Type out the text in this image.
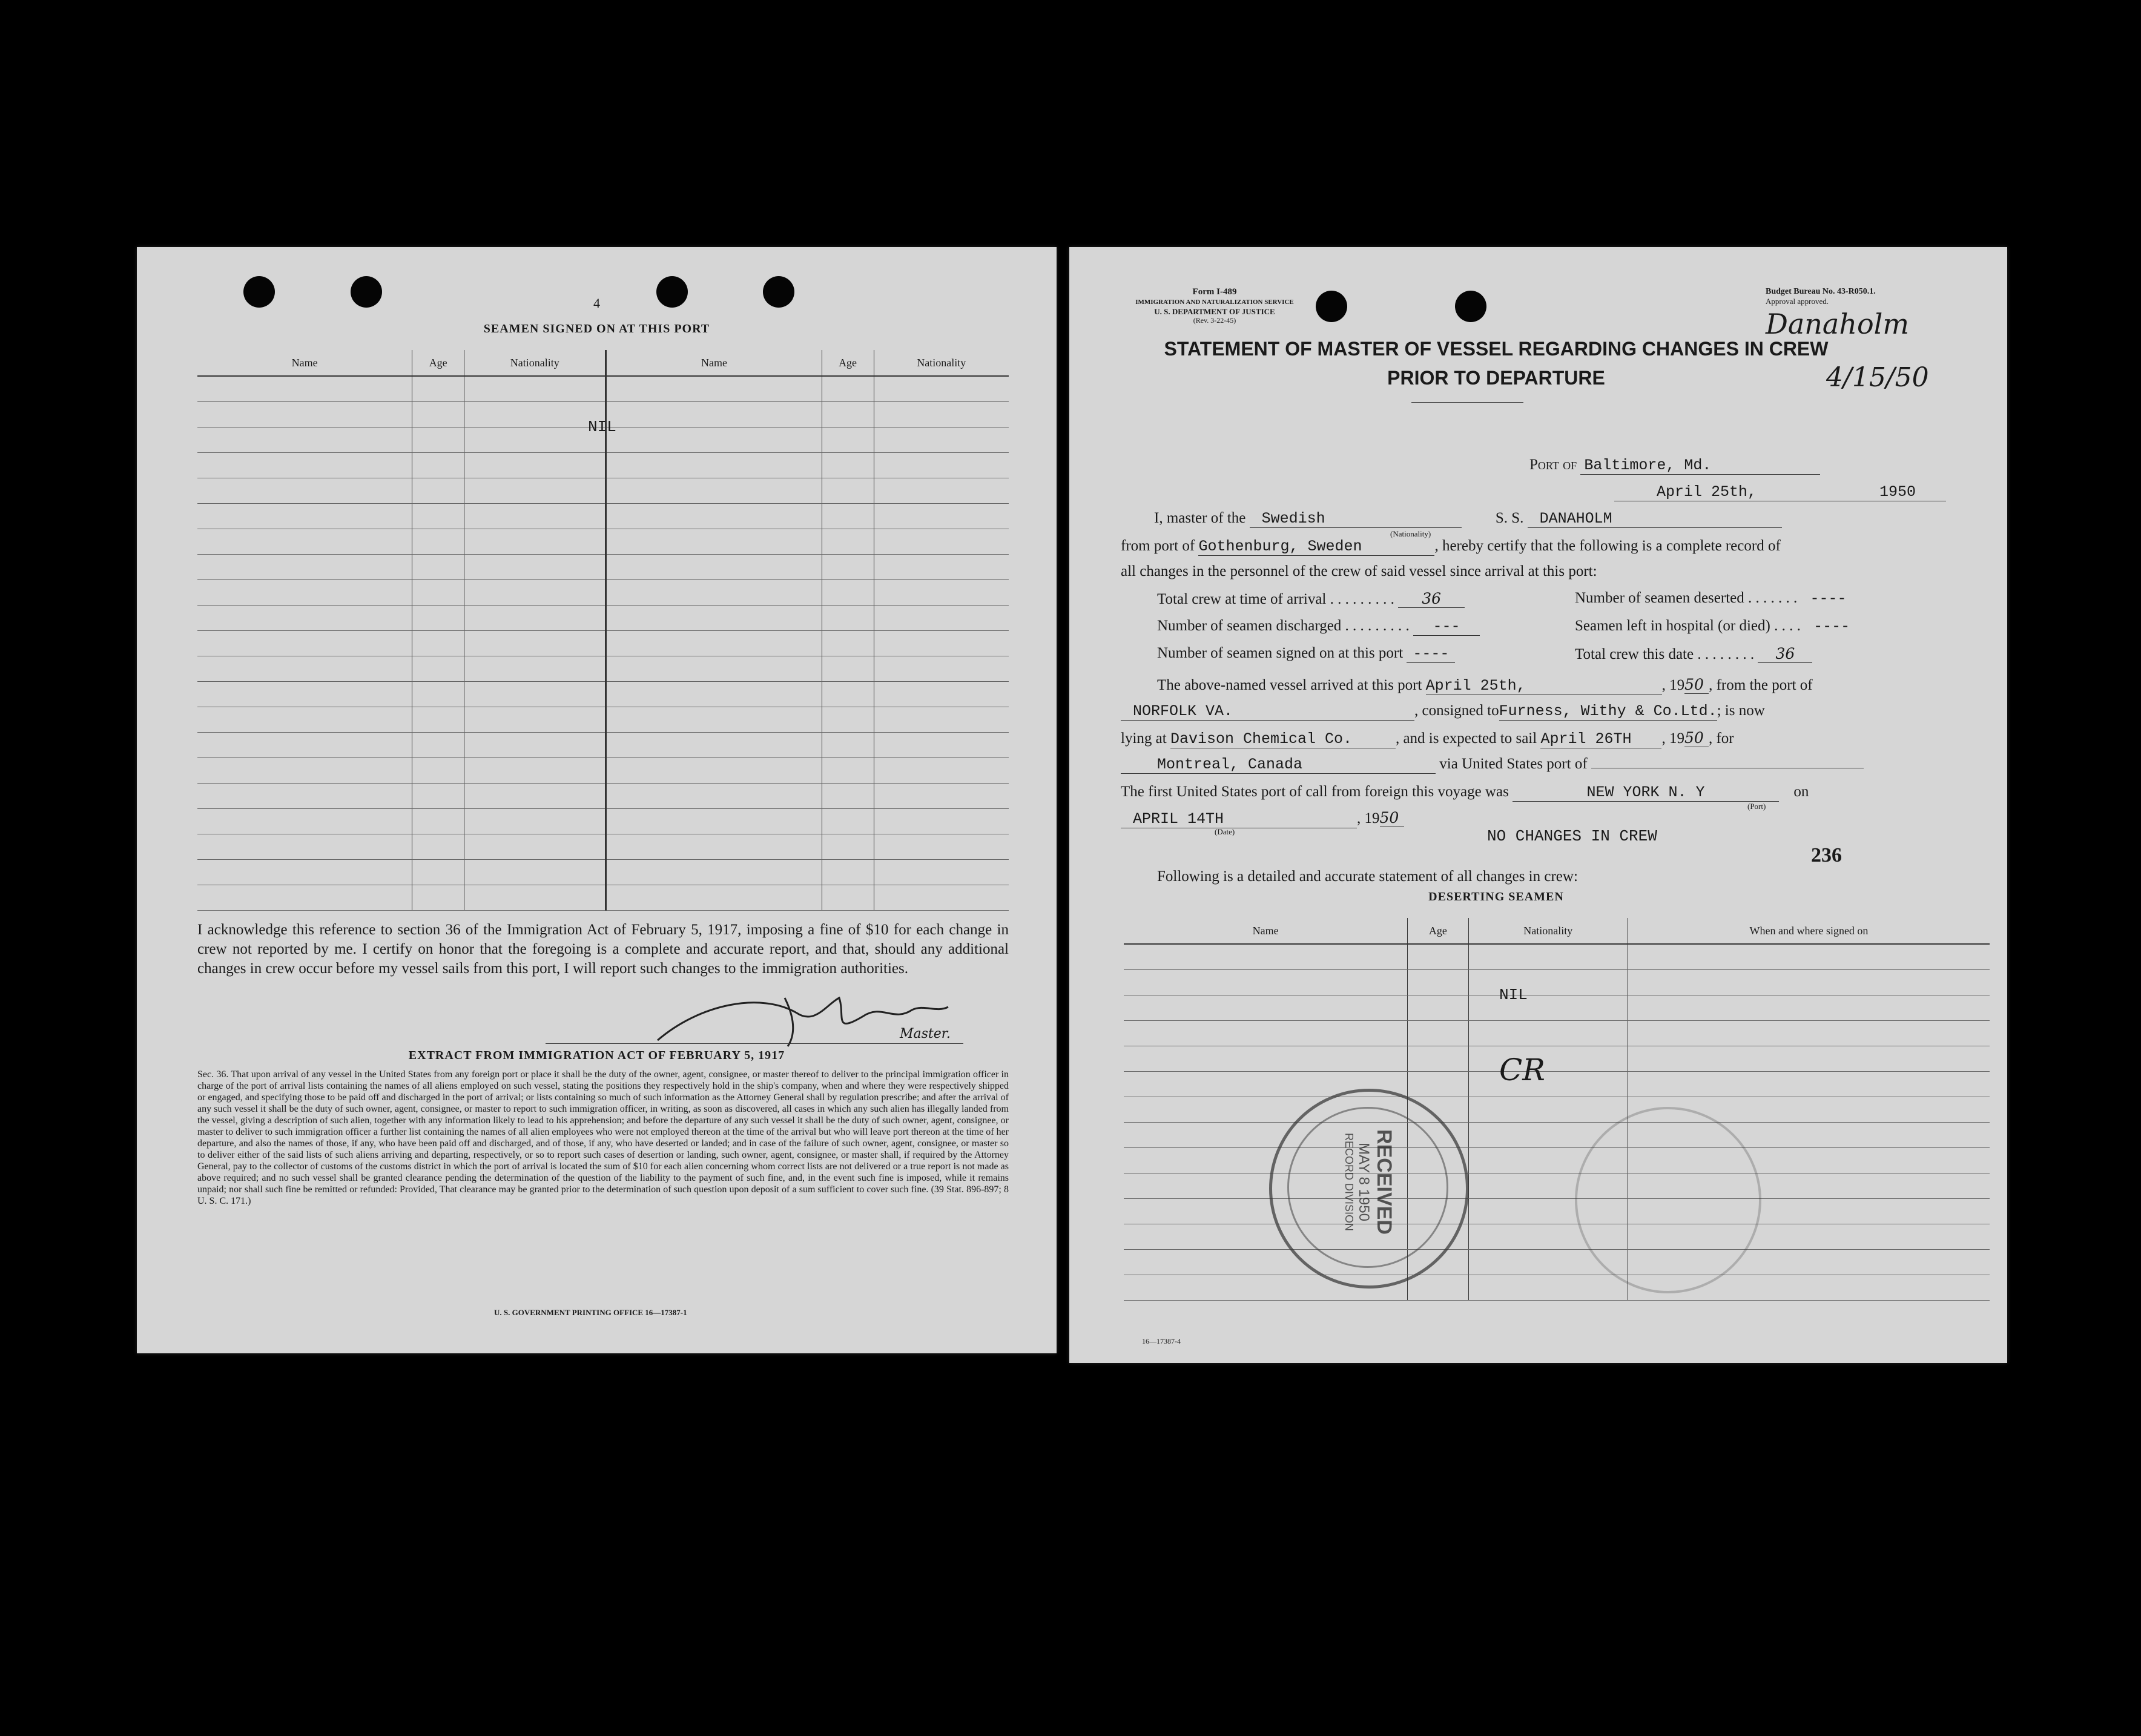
4
SEAMEN SIGNED ON AT THIS PORT
Name	Age	Nationality	Name	Age	Nationality

NIL
I acknowledge this reference to section 36 of the Immigration Act of February 5, 1917, imposing a fine of $10 for each change in crew not reported by me. I certify on honor that the foregoing is a complete and accurate report, and that, should any additional changes in crew occur before my vessel sails from this port, I will report such changes to the immigration authorities.
Master.
EXTRACT FROM IMMIGRATION ACT OF FEBRUARY 5, 1917
Sec. 36. That upon arrival of any vessel in the United States from any foreign port or place it shall be the duty of the owner, agent, consignee, or master thereof to deliver to the principal immigration officer in charge of the port of arrival lists containing the names of all aliens employed on such vessel, stating the positions they respectively hold in the ship's company, when and where they were respectively shipped or engaged, and specifying those to be paid off and discharged in the port of arrival; or lists containing so much of such information as the Attorney General shall by regulation prescribe; and after the arrival of any such vessel it shall be the duty of such owner, agent, consignee, or master to report to such immigration officer, in writing, as soon as discovered, all cases in which any such alien has illegally landed from the vessel, giving a description of such alien, together with any information likely to lead to his apprehension; and before the departure of any such vessel it shall be the duty of such owner, agent, consignee, or master to deliver to such immigration officer a further list containing the names of all alien employees who were not employed thereon at the time of the arrival but who will leave port thereon at the time of her departure, and also the names of those, if any, who have been paid off and discharged, and of those, if any, who have deserted or landed; and in case of the failure of such owner, agent, consignee, or master so to deliver either of the said lists of such aliens arriving and departing, respectively, or so to report such cases of desertion or landing, such owner, agent, consignee, or master shall, if required by the Attorney General, pay to the collector of customs of the customs district in which the port of arrival is located the sum of $10 for each alien concerning whom correct lists are not delivered or a true report is not made as above required; and no such vessel shall be granted clearance pending the determination of the question of the liability to the payment of such fine, and, in the event such fine is imposed, while it remains unpaid; nor shall such fine be remitted or refunded: Provided, That clearance may be granted prior to the determination of such question upon deposit of a sum sufficient to cover such fine. (39 Stat. 896-897; 8 U. S. C. 171.)
U. S. GOVERNMENT PRINTING OFFICE 16—17387-1
Form I-489
IMMIGRATION AND NATURALIZATION SERVICE
U. S. DEPARTMENT OF JUSTICE
(Rev. 3-22-45)
Budget Bureau No. 43-R050.1.
Approval approved.
Danaholm
4/15/50
STATEMENT OF MASTER OF VESSEL REGARDING CHANGES IN CREW
PRIOR TO DEPARTURE
Port of Baltimore, Md.
April 25th,	1950
I, master of the Swedish	S. S. DANAHOLM
(Nationality)
from port of Gothenburg, Sweden	, hereby certify that the following is a complete record of
all changes in the personnel of the crew of said vessel since arrival at this port:
Total crew at time of arrival . . . . . . . . . 36	Number of seamen deserted . . . . . . . ----
Number of seamen discharged . . . . . . . . . ---	Seamen left in hospital (or died) . . . . ----
Number of seamen signed on at this port ----	Total crew this date . . . . . . . . 36
The above-named vessel arrived at this port April 25th,	, 1950 , from the port of
NORFOLK VA.	, consigned toFurness, Withy & Co.Ltd.; is now
lying at Davison Chemical Co.	, and is expected to sail April 26TH , 1950 , for
Montreal, Canada	via United States port of
The first United States port of call from foreign this voyage was	NEW YORK N. Y	on
(Port)
APRIL 14TH	, 1950
(Date)	NO CHANGES IN CREW
236
Following is a detailed and accurate statement of all changes in crew:
DESERTING SEAMEN
Name	Age	Nationality	When and where signed on

NIL
CR
RECEIVED
MAY 8 1950
RECORD DIVISION
16—17387-4
